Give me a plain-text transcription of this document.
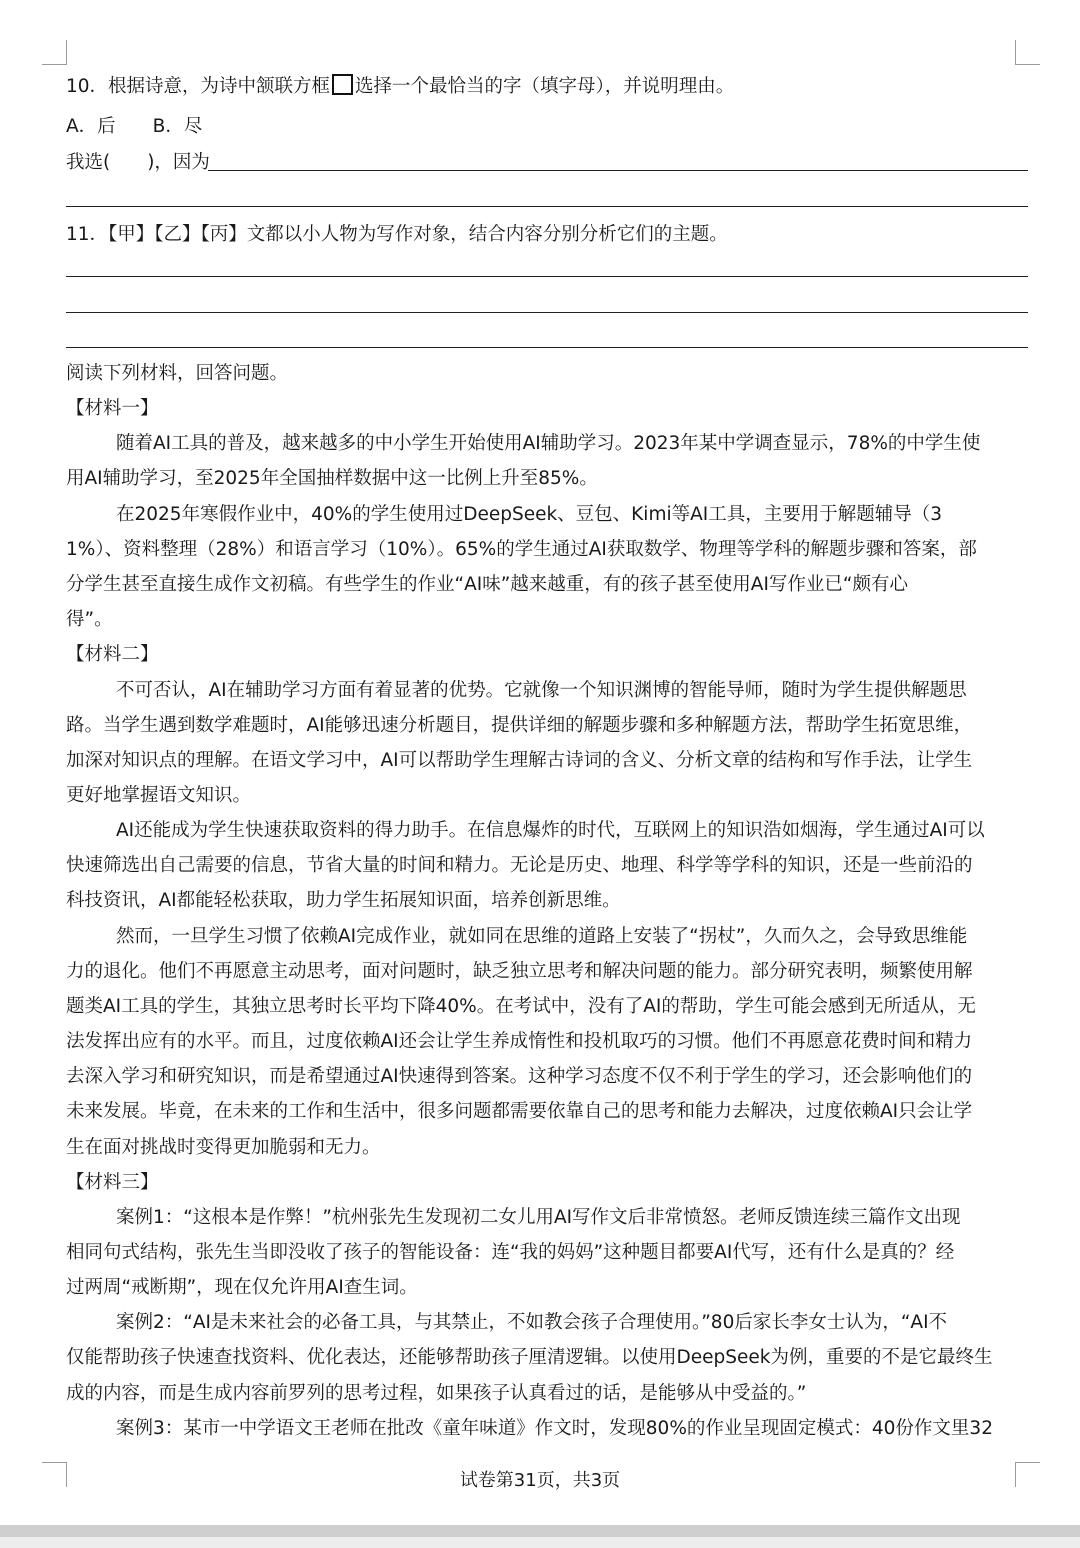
10．根据诗意，为诗中颔联方框 选择一个最恰当的字（填字母），并说明理由。
A．后　　B．尽
我选(　　)，因为
11．【甲】【乙】【丙】文都以小人物为写作对象，结合内容分别分析它们的主题。
阅读下列材料，回答问题。
【材料一】
随着AI工具的普及，越来越多的中小学生开始使用AI辅助学习。2023年某中学调查显示，78%的中学生使
用AI辅助学习，至2025年全国抽样数据中这一比例上升至85%。
在2025年寒假作业中，40%的学生使用过DeepSeek、豆包、Kimi等AI工具，主要用于解题辅导（3
1%）、资料整理（28%）和语言学习（10%）。65%的学生通过AI获取数学、物理等学科的解题步骤和答案，部
分学生甚至直接生成作文初稿。有些学生的作业“AI味”越来越重，有的孩子甚至使用AI写作业已“颇有心
得”。
【材料二】
不可否认，AI在辅助学习方面有着显著的优势。它就像一个知识渊博的智能导师，随时为学生提供解题思
路。当学生遇到数学难题时，AI能够迅速分析题目，提供详细的解题步骤和多种解题方法，帮助学生拓宽思维，
加深对知识点的理解。在语文学习中，AI可以帮助学生理解古诗词的含义、分析文章的结构和写作手法，让学生
更好地掌握语文知识。
AI还能成为学生快速获取资料的得力助手。在信息爆炸的时代，互联网上的知识浩如烟海，学生通过AI可以
快速筛选出自己需要的信息，节省大量的时间和精力。无论是历史、地理、科学等学科的知识，还是一些前沿的
科技资讯，AI都能轻松获取，助力学生拓展知识面，培养创新思维。
然而，一旦学生习惯了依赖AI完成作业，就如同在思维的道路上安装了“拐杖”，久而久之，会导致思维能
力的退化。他们不再愿意主动思考，面对问题时，缺乏独立思考和解决问题的能力。部分研究表明，频繁使用解
题类AI工具的学生，其独立思考时长平均下降40%。在考试中，没有了AI的帮助，学生可能会感到无所适从，无
法发挥出应有的水平。而且，过度依赖AI还会让学生养成惰性和投机取巧的习惯。他们不再愿意花费时间和精力
去深入学习和研究知识，而是希望通过AI快速得到答案。这种学习态度不仅不利于学生的学习，还会影响他们的
未来发展。毕竟，在未来的工作和生活中，很多问题都需要依靠自己的思考和能力去解决，过度依赖AI只会让学
生在面对挑战时变得更加脆弱和无力。
【材料三】
案例1：“这根本是作弊！”杭州张先生发现初二女儿用AI写作文后非常愤怒。老师反馈连续三篇作文出现
相同句式结构，张先生当即没收了孩子的智能设备：连“我的妈妈”这种题目都要AI代写，还有什么是真的？经
过两周“戒断期”，现在仅允许用AI查生词。
案例2：“AI是未来社会的必备工具，与其禁止，不如教会孩子合理使用。”80后家长李女士认为，“AI不
仅能帮助孩子快速查找资料、优化表达，还能够帮助孩子厘清逻辑。以使用DeepSeek为例，重要的不是它最终生
成的内容，而是生成内容前罗列的思考过程，如果孩子认真看过的话，是能够从中受益的。”
案例3：某市一中学语文王老师在批改《童年味道》作文时，发现80%的作业呈现固定模式：40份作文里32
试卷第31页，共3页
